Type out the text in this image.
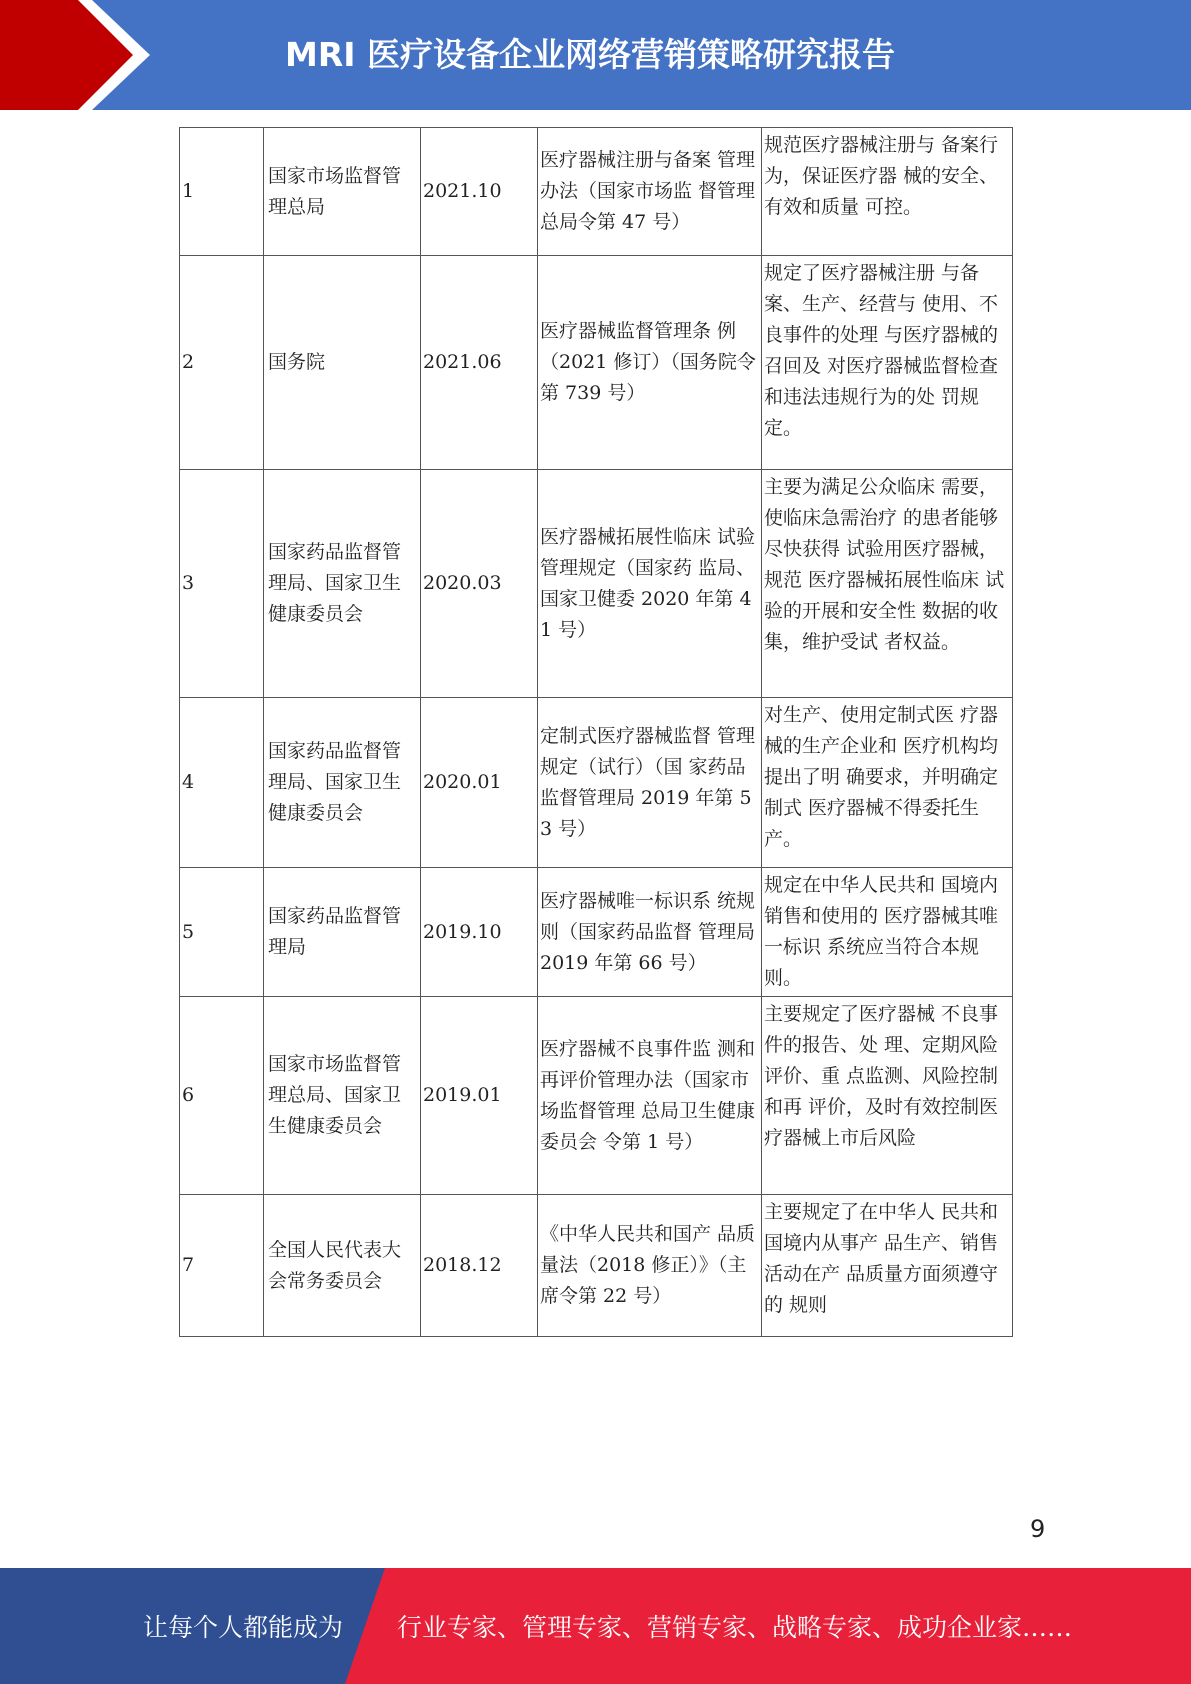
MRI 医疗设备企业网络营销策略研究报告
1	国家市场监督管理总局	2021.10	医疗器械注册与备案 管理办法（国家市场监 督管理总局令第 47 号）	规范医疗器械注册与 备案行为，保证医疗器 械的安全、有效和质量 可控。
2	国务院	2021.06	医疗器械监督管理条 例（2021 修订）（国务院令第 739 号）	规定了医疗器械注册 与备案、生产、经营与 使用、不良事件的处理 与医疗器械的召回及 对医疗器械监督检查 和违法违规行为的处 罚规定。
3	国家药品监督管理局、国家卫生健康委员会	2020.03	医疗器械拓展性临床 试验管理规定（国家药 监局、国家卫健委 2020 年第 41 号）	主要为满足公众临床 需要，使临床急需治疗 的患者能够尽快获得 试验用医疗器械，规范 医疗器械拓展性临床 试验的开展和安全性 数据的收集，维护受试 者权益。
4	国家药品监督管理局、国家卫生健康委员会	2020.01	定制式医疗器械监督 管理规定（试行）（国 家药品监督管理局 2019 年第 53 号）	对生产、使用定制式医 疗器械的生产企业和 医疗机构均提出了明 确要求，并明确定制式 医疗器械不得委托生 产。
5	国家药品监督管理局	2019.10	医疗器械唯一标识系 统规则（国家药品监督 管理局 2019 年第 66 号）	规定在中华人民共和 国境内销售和使用的 医疗器械其唯一标识 系统应当符合本规则。
6	国家市场监督管理总局、国家卫生健康委员会	2019.01	医疗器械不良事件监 测和再评价管理办法（国家市场监督管理 总局卫生健康委员会 令第 1 号）	主要规定了医疗器械 不良事件的报告、处 理、定期风险评价、重 点监测、风险控制和再 评价，及时有效控制医 疗器械上市后风险
7	全国人民代表大会常务委员会	2018.12	《中华人民共和国产 品质量法（2018 修正）》（主席令第 22 号）	主要规定了在中华人 民共和国境内从事产 品生产、销售活动在产 品质量方面须遵守的 规则
9
让每个人都能成为 行业专家、管理专家、营销专家、战略专家、成功企业家……
